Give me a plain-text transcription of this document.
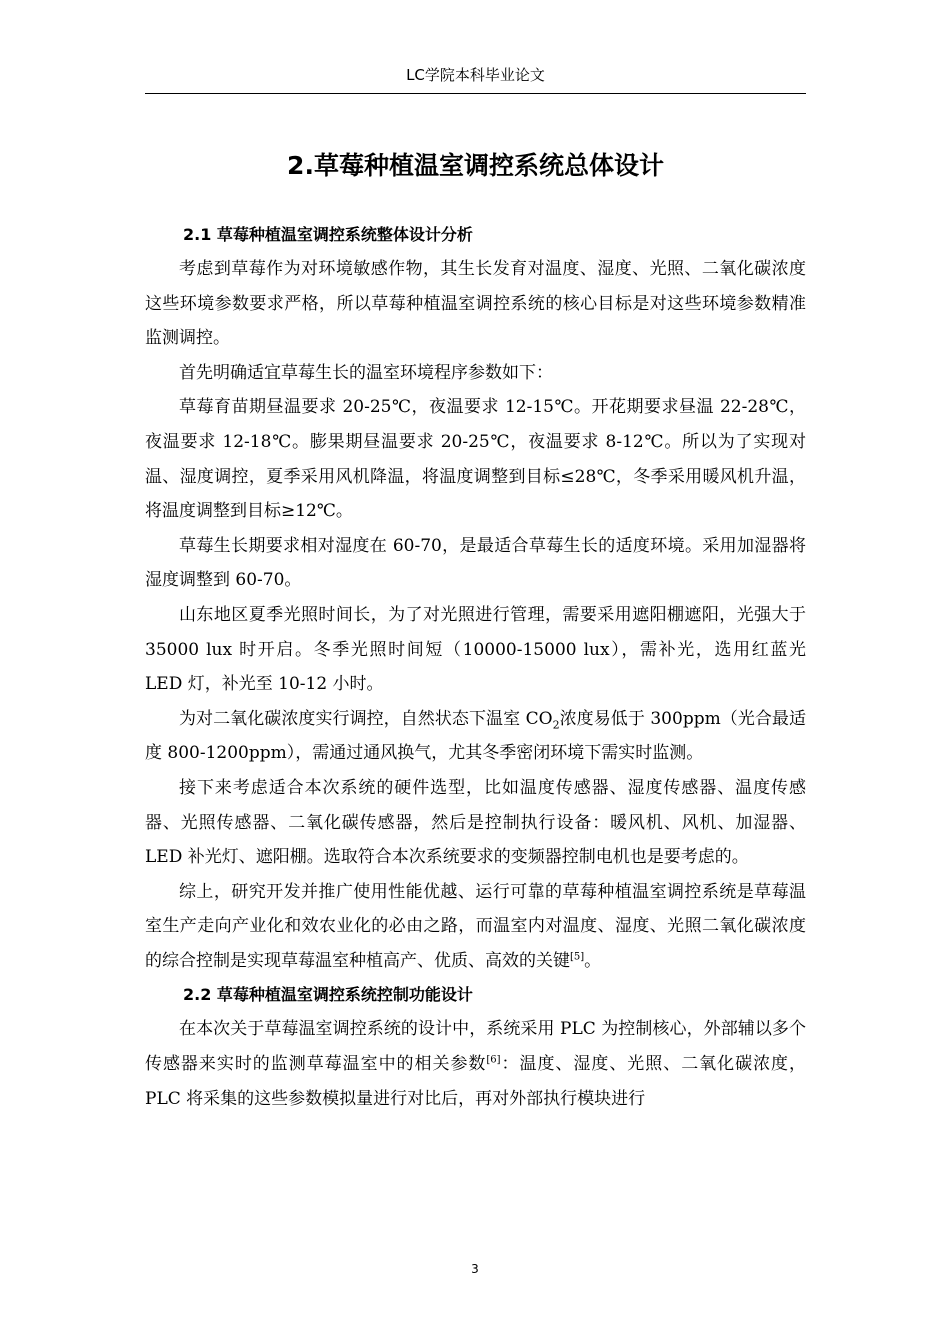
LC学院本科毕业论文
2.草莓种植温室调控系统总体设计
2.1 草莓种植温室调控系统整体设计分析

考虑到草莓作为对环境敏感作物，其生长发育对温度、湿度、光照、二氧化碳浓度这些环境参数要求严格，所以草莓种植温室调控系统的核心目标是对这些环境参数精准监测调控。

首先明确适宜草莓生长的温室环境程序参数如下：

草莓育苗期昼温要求 20-25℃，夜温要求 12-15℃。开花期要求昼温 22-28℃，夜温要求 12-18℃。膨果期昼温要求 20-25℃，夜温要求 8-12℃。所以为了实现对温、湿度调控，夏季采用风机降温，将温度调整到目标≤28℃，冬季采用暖风机升温，将温度调整到目标≥12℃。

草莓生长期要求相对湿度在 60-70，是最适合草莓生长的适度环境。采用加湿器将湿度调整到 60-70。

山东地区夏季光照时间长，为了对光照进行管理，需要采用遮阳棚遮阳，光强大于 35000 lux 时开启。冬季光照时间短（10000-15000 lux），需补光，选用红蓝光 LED 灯，补光至 10-12 小时。

为对二氧化碳浓度实行调控，自然状态下温室 $CO_2$浓度易低于 300ppm（光合最适度 800-1200ppm），需通过通风换气，尤其冬季密闭环境下需实时监测。

接下来考虑适合本次系统的硬件选型，比如温度传感器、湿度传感器、温度传感器、光照传感器、二氧化碳传感器，然后是控制执行设备：暖风机、风机、加湿器、LED 补光灯、遮阳棚。选取符合本次系统要求的变频器控制电机也是要考虑的。

综上，研究开发并推广使用性能优越、运行可靠的草莓种植温室调控系统是草莓温室生产走向产业化和效农业化的必由之路，而温室内对温度、湿度、光照二氧化碳浓度的综合控制是实现草莓温室种植高产、优质、高效的关键[5]。

2.2 草莓种植温室调控系统控制功能设计

在本次关于草莓温室调控系统的设计中，系统采用 PLC 为控制核心，外部辅以多个传感器来实时的监测草莓温室中的相关参数[6]：温度、湿度、光照、二氧化碳浓度，PLC 将采集的这些参数模拟量进行对比后，再对外部执行模块进行

3
